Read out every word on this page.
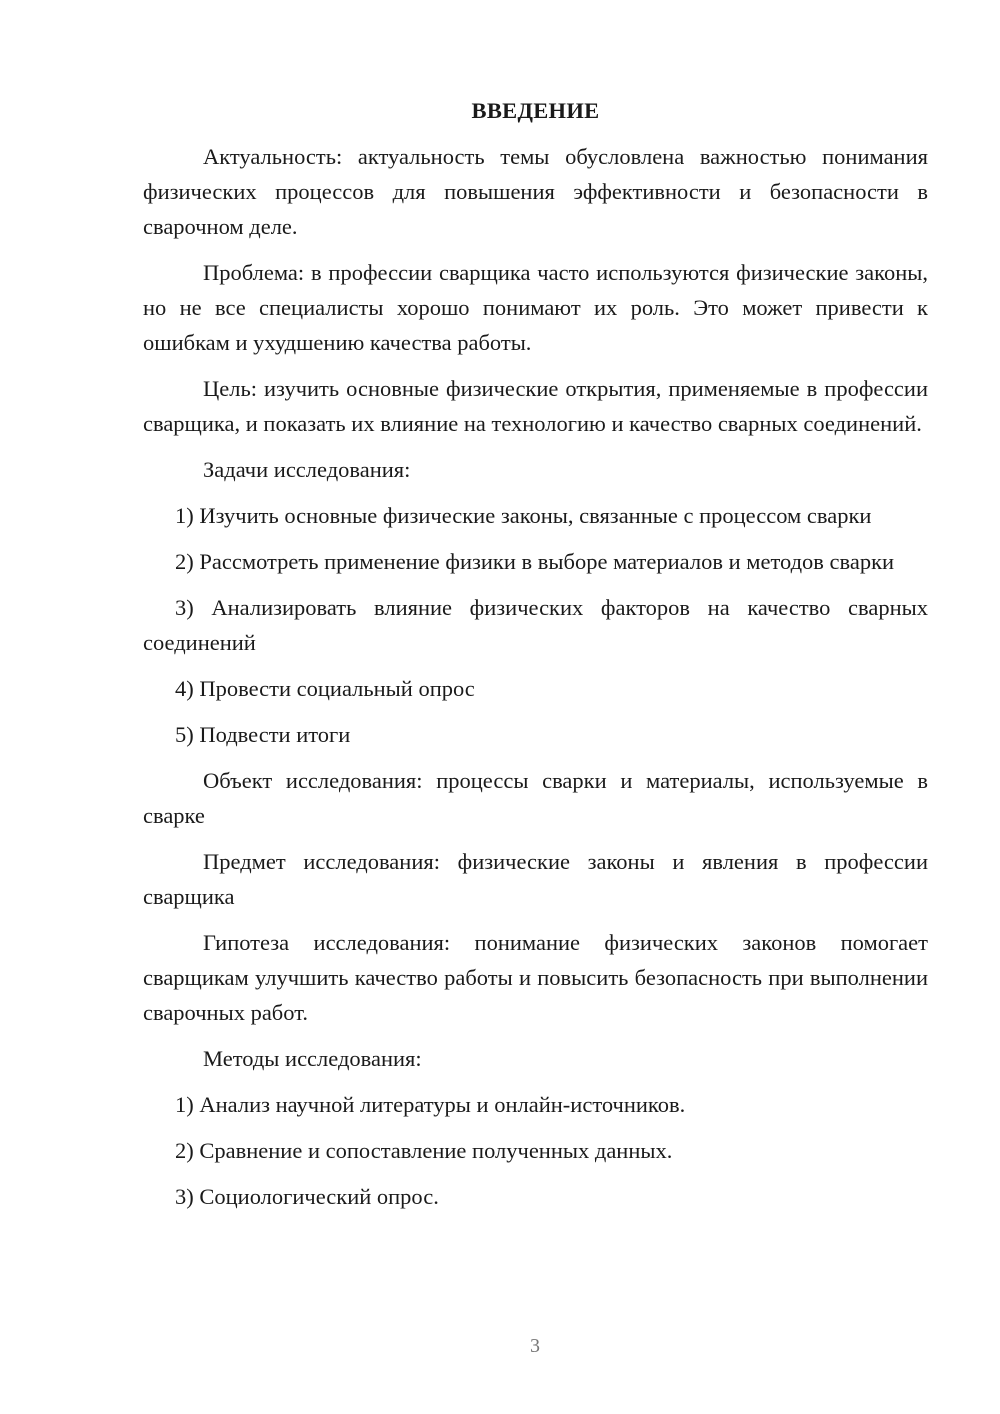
ВВЕДЕНИЕ

Актуальность: актуальность темы обусловлена важностью понимания физических процессов для повышения эффективности и безопасности в сварочном деле.

Проблема: в профессии сварщика часто используются физические законы, но не все специалисты хорошо понимают их роль. Это может привести к ошибкам и ухудшению качества работы.

Цель: изучить основные физические открытия, применяемые в профессии сварщика, и показать их влияние на технологию и качество сварных соединений.

Задачи исследования:

1) Изучить основные физические законы, связанные с процессом сварки

2) Рассмотреть применение физики в выборе материалов и методов сварки

3) Анализировать влияние физических факторов на качество сварных соединений

4) Провести социальный опрос

5) Подвести итоги

Объект исследования: процессы сварки и материалы, используемые в сварке

Предмет исследования: физические законы и явления в профессии сварщика

Гипотеза исследования: понимание физических законов помогает сварщикам улучшить качество работы и повысить безопасность при выполнении сварочных работ.

Методы исследования:

1) Анализ научной литературы и онлайн-источников.

2) Сравнение и сопоставление полученных данных.

3) Социологический опрос.

3
